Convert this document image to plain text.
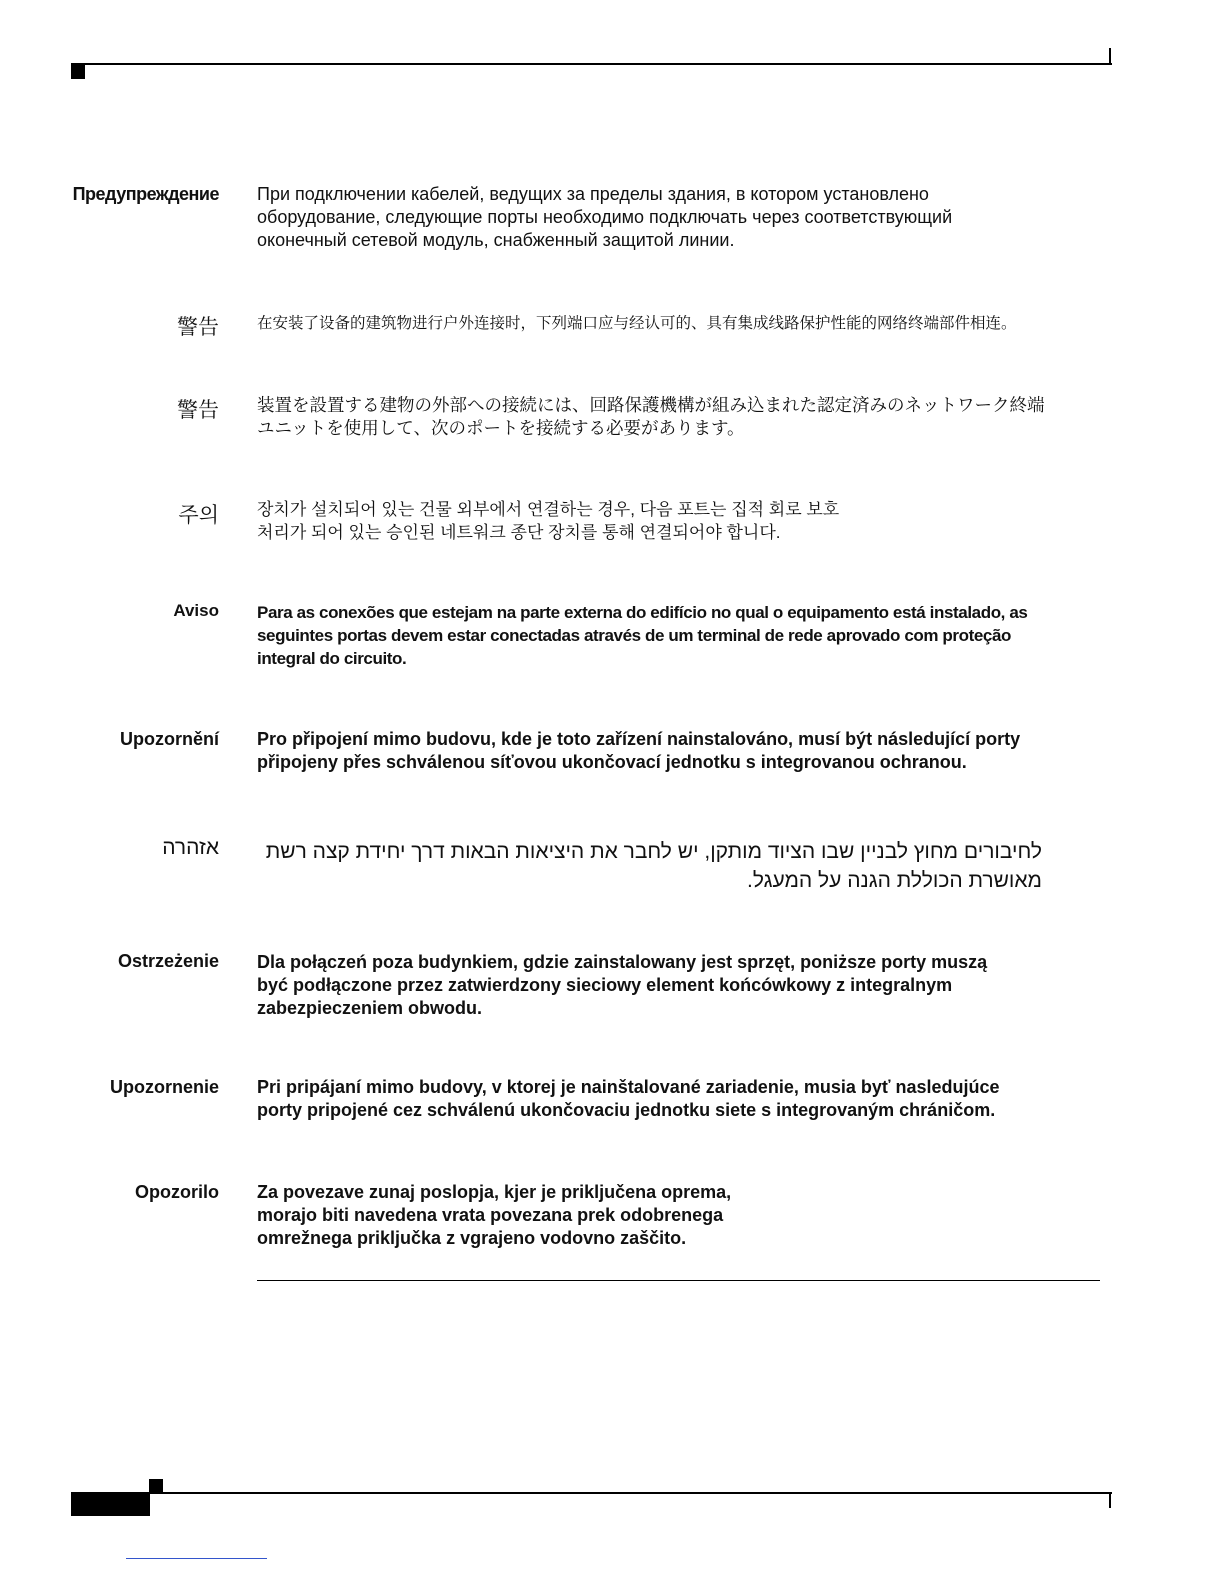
Предупреждение При подключении кабелей, ведущих за пределы здания, в котором установлено
оборудование, следующие порты необходимо подключать через соответствующий
оконечный сетевой модуль, снабженный защитой линии.

警告 在安装了设备的建筑物进行户外连接时，下列端口应与经认可的、具有集成线路保护性能的网络终端部件相连。

警告 装置を設置する建物の外部への接続には、回路保護機構が組み込まれた認定済みのネットワーク終端
ユニットを使用して、次のポートを接続する必要があります。

주의 장치가 설치되어 있는 건물 외부에서 연결하는 경우, 다음 포트는 집적 회로 보호
처리가 되어 있는 승인된 네트워크 종단 장치를 통해 연결되어야 합니다.

Aviso Para as conexões que estejam na parte externa do edifício no qual o equipamento está instalado, as
seguintes portas devem estar conectadas através de um terminal de rede aprovado com proteção
integral do circuito.

Upozornění Pro připojení mimo budovu, kde je toto zařízení nainstalováno, musí být následující porty
připojeny přes schválenou síťovou ukončovací jednotku s integrovanou ochranou.

אזהרה	לחיבורים מחוץ לבניין שבו הציוד מותקן, יש לחבר את היציאות הבאות דרך יחידת קצה רשת
מאושרת הכוללת הגנה על המעגל.

Ostrzeżenie Dla połączeń poza budynkiem, gdzie zainstalowany jest sprzęt, poniższe porty muszą
być podłączone przez zatwierdzony sieciowy element końcówkowy z integralnym
zabezpieczeniem obwodu.

Upozornenie Pri pripájaní mimo budovy, v ktorej je nainštalované zariadenie, musia byť nasledujúce
porty pripojené cez schválenú ukončovaciu jednotku siete s integrovaným chráničom.

Opozorilo Za povezave zunaj poslopja, kjer je priključena oprema,
morajo biti navedena vrata povezana prek odobrenega
omrežnega priključka z vgrajeno vodovno zaščito.
